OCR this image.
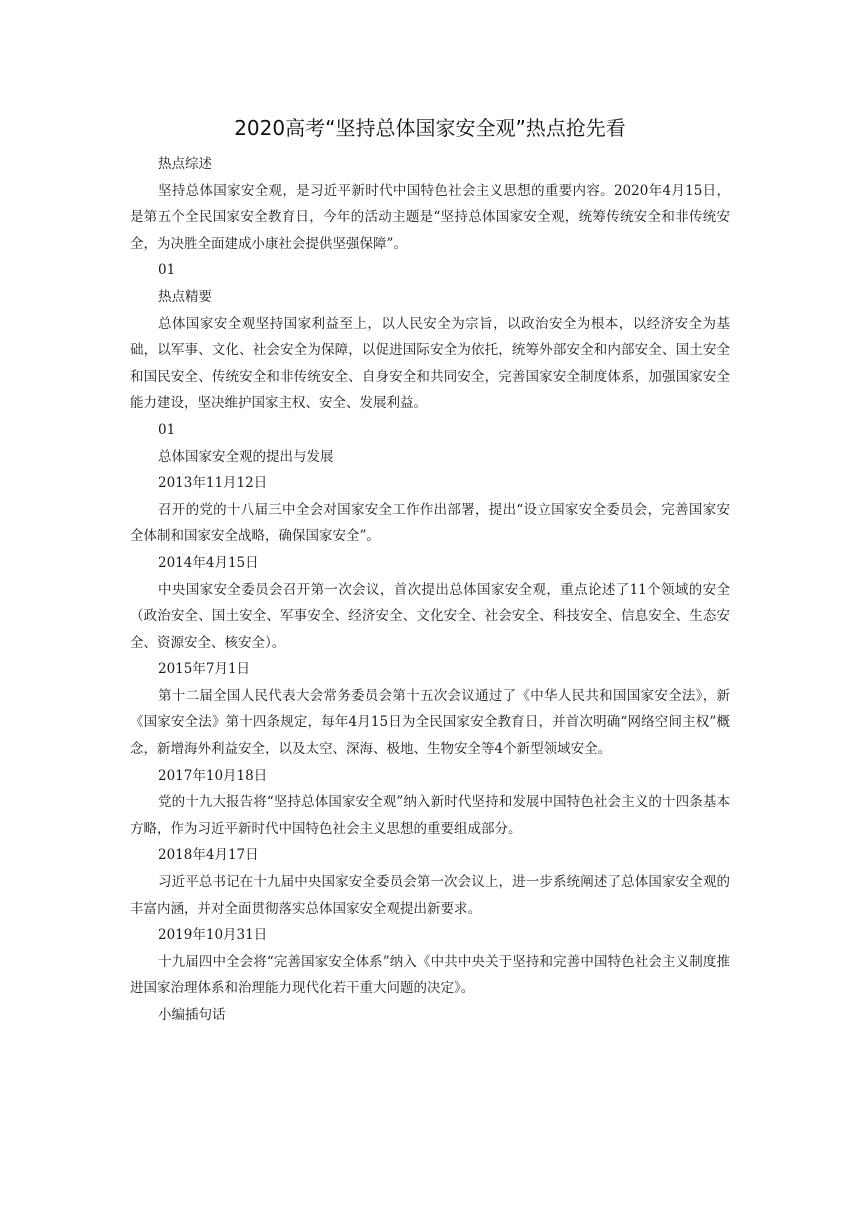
2020高考“坚持总体国家安全观”热点抢先看

热点综述

坚持总体国家安全观，是习近平新时代中国特色社会主义思想的重要内容。2020年4月15日，是第五个全民国家安全教育日，今年的活动主题是“坚持总体国家安全观，统筹传统安全和非传统安全，为决胜全面建成小康社会提供坚强保障”。

01

热点精要

总体国家安全观坚持国家利益至上，以人民安全为宗旨，以政治安全为根本，以经济安全为基础，以军事、文化、社会安全为保障，以促进国际安全为依托，统筹外部安全和内部安全、国土安全和国民安全、传统安全和非传统安全、自身安全和共同安全，完善国家安全制度体系，加强国家安全能力建设，坚决维护国家主权、安全、发展利益。

01

总体国家安全观的提出与发展

2013年11月12日

召开的党的十八届三中全会对国家安全工作作出部署，提出“设立国家安全委员会，完善国家安全体制和国家安全战略，确保国家安全”。

2014年4月15日

中央国家安全委员会召开第一次会议，首次提出总体国家安全观，重点论述了11个领域的安全（政治安全、国土安全、军事安全、经济安全、文化安全、社会安全、科技安全、信息安全、生态安全、资源安全、核安全）。

2015年7月1日

第十二届全国人民代表大会常务委员会第十五次会议通过了《中华人民共和国国家安全法》，新《国家安全法》第十四条规定，每年4月15日为全民国家安全教育日，并首次明确“网络空间主权”概念，新增海外利益安全，以及太空、深海、极地、生物安全等4个新型领域安全。

2017年10月18日

党的十九大报告将“坚持总体国家安全观”纳入新时代坚持和发展中国特色社会主义的十四条基本方略，作为习近平新时代中国特色社会主义思想的重要组成部分。

2018年4月17日

习近平总书记在十九届中央国家安全委员会第一次会议上，进一步系统阐述了总体国家安全观的丰富内涵，并对全面贯彻落实总体国家安全观提出新要求。

2019年10月31日

十九届四中全会将“完善国家安全体系”纳入《中共中央关于坚持和完善中国特色社会主义制度推进国家治理体系和治理能力现代化若干重大问题的决定》。

小编插句话
